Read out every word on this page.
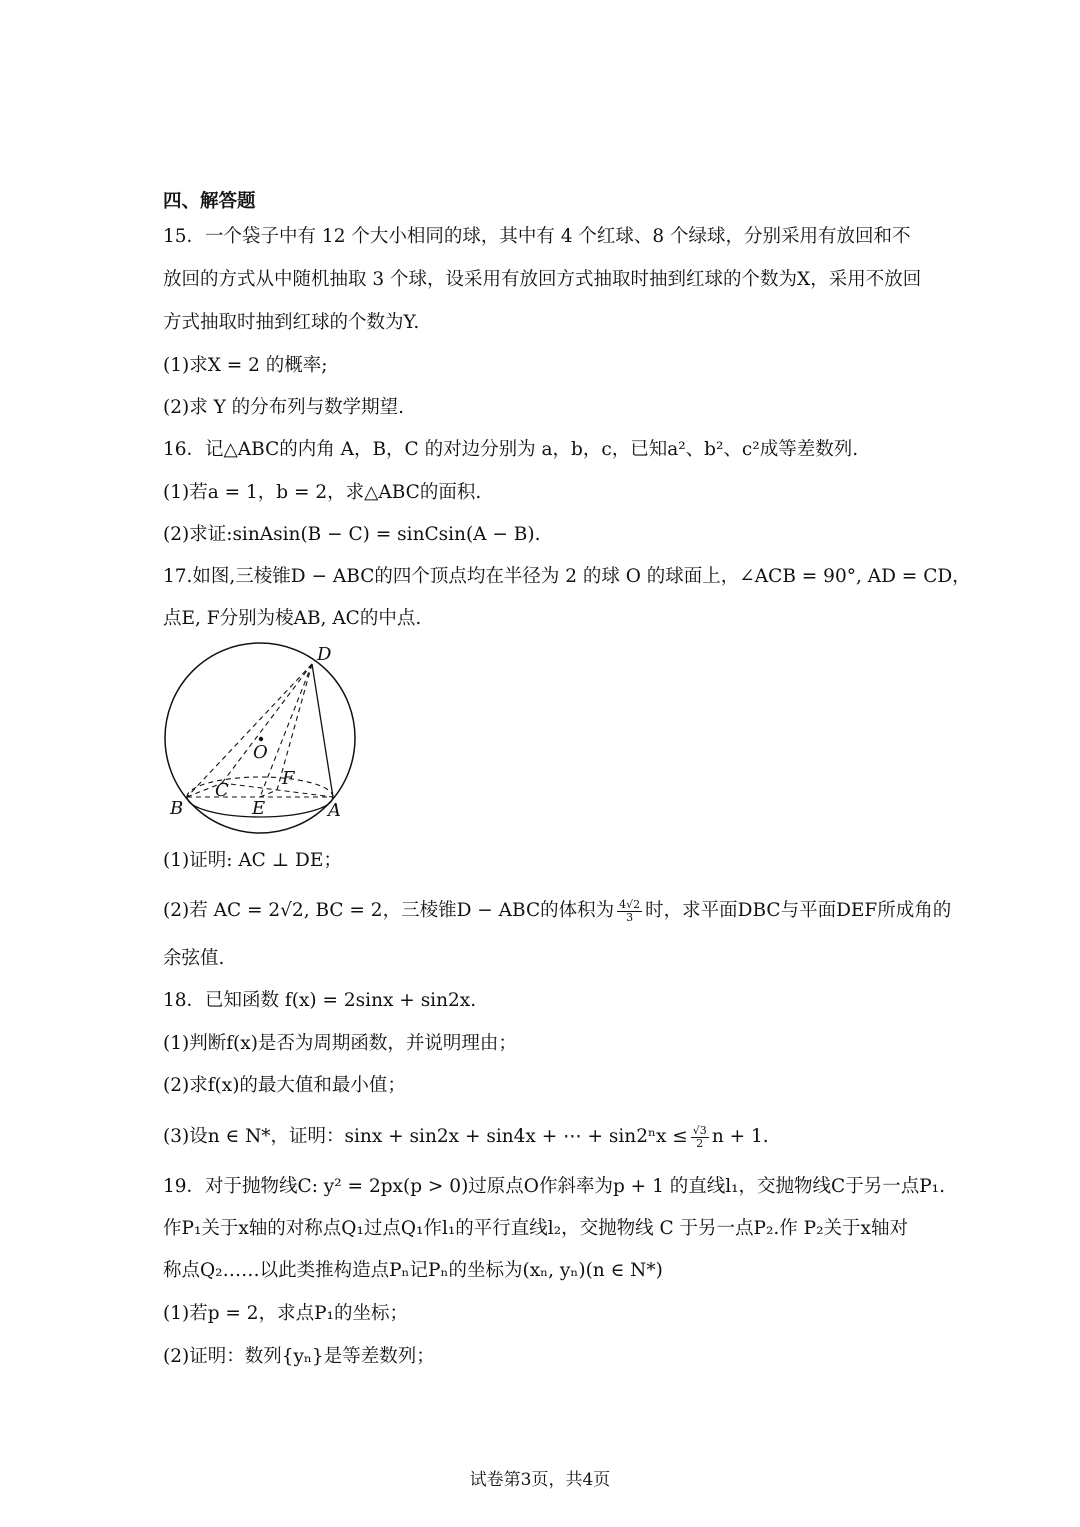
四、解答题
15．一个袋子中有 12 个大小相同的球，其中有 4 个红球、8 个绿球，分别采用有放回和不
放回的方式从中随机抽取 3 个球，设采用有放回方式抽取时抽到红球的个数为X，采用不放回
方式抽取时抽到红球的个数为Y.
(1)求X = 2 的概率;
(2)求 Y 的分布列与数学期望.
16．记△ABC的内角 A，B，C 的对边分别为 a，b，c，已知a²、b²、c²成等差数列.
(1)若a = 1，b = 2，求△ABC的面积.
(2)求证:sinAsin(B − C) = sinCsin(A − B).
17.如图,三棱锥D − ABC的四个顶点均在半径为 2 的球 O 的球面上，∠ACB = 90°, AD = CD，
点E, F分别为棱AB, AC的中点.
D
O
F
C
B	E	A
(1)证明: AC ⊥ DE；
(2)若 AC = 2√2, BC = 2，三棱锥D − ABC的体积为 $\frac{4√2}{3}$ 时，求平面DBC与平面DEF所成角的
余弦值.
18．已知函数 f(x) = 2sinx + sin2x.
(1)判断f(x)是否为周期函数，并说明理由；
(2)求f(x)的最大值和最小值；
(3)设n ∈ N*，证明：sinx + sin2x + sin4x + ⋯ + $\sin 2^nx \le \frac{√3}{2}$ n + 1.
19．对于抛物线C: y² = 2px(p > 0)过原点O作斜率为p + 1 的直线l₁，交抛物线C于另一点P₁.
作P₁关于x轴的对称点Q₁过点Q₁作l₁的平行直线l₂，交抛物线 C 于另一点P₂.作 P₂关于x轴对
称点Q₂……以此类推构造点Pₙ记Pₙ的坐标为(xₙ, yₙ)(n ∈ N*)
(1)若p = 2，求点P₁的坐标；
(2)证明：数列{yₙ}是等差数列；
试卷第3页，共4页
